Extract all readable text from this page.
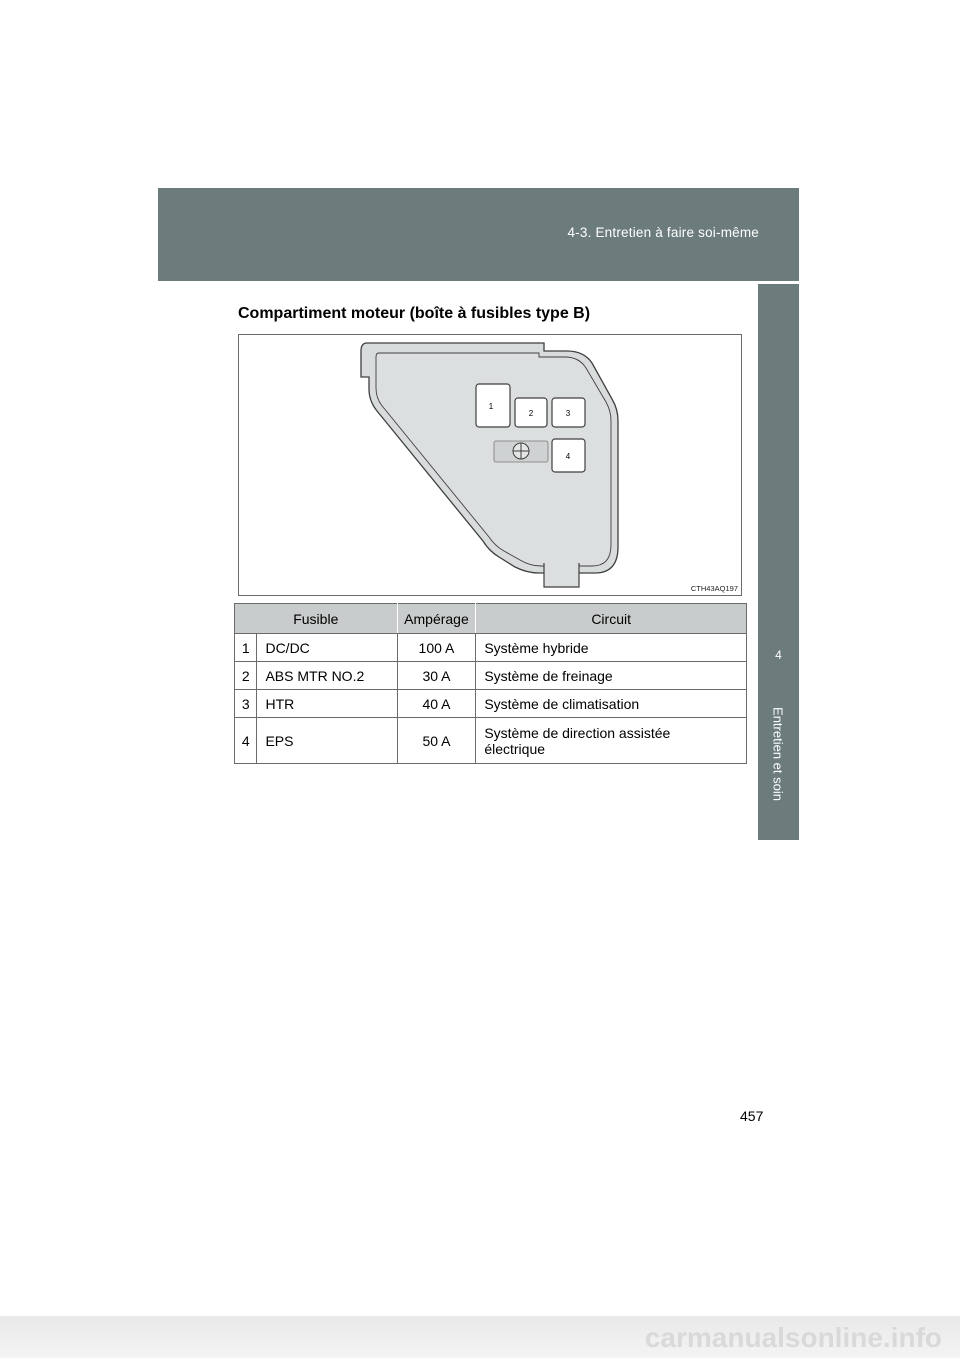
4-3. Entretien à faire soi-même
4
Entretien et soin
Compartiment moteur (boîte à fusibles type B)
1
2	3
4
CTH43AQ197
Fusible		Ampérage	Circuit
1	DC/DC	100 A	Système hybride
2	ABS MTR NO.2	30 A	Système de freinage
3	HTR	40 A	Système de climatisation
4	EPS	50 A	Système de direction assistée
électrique
457
carmanualsonline.info
